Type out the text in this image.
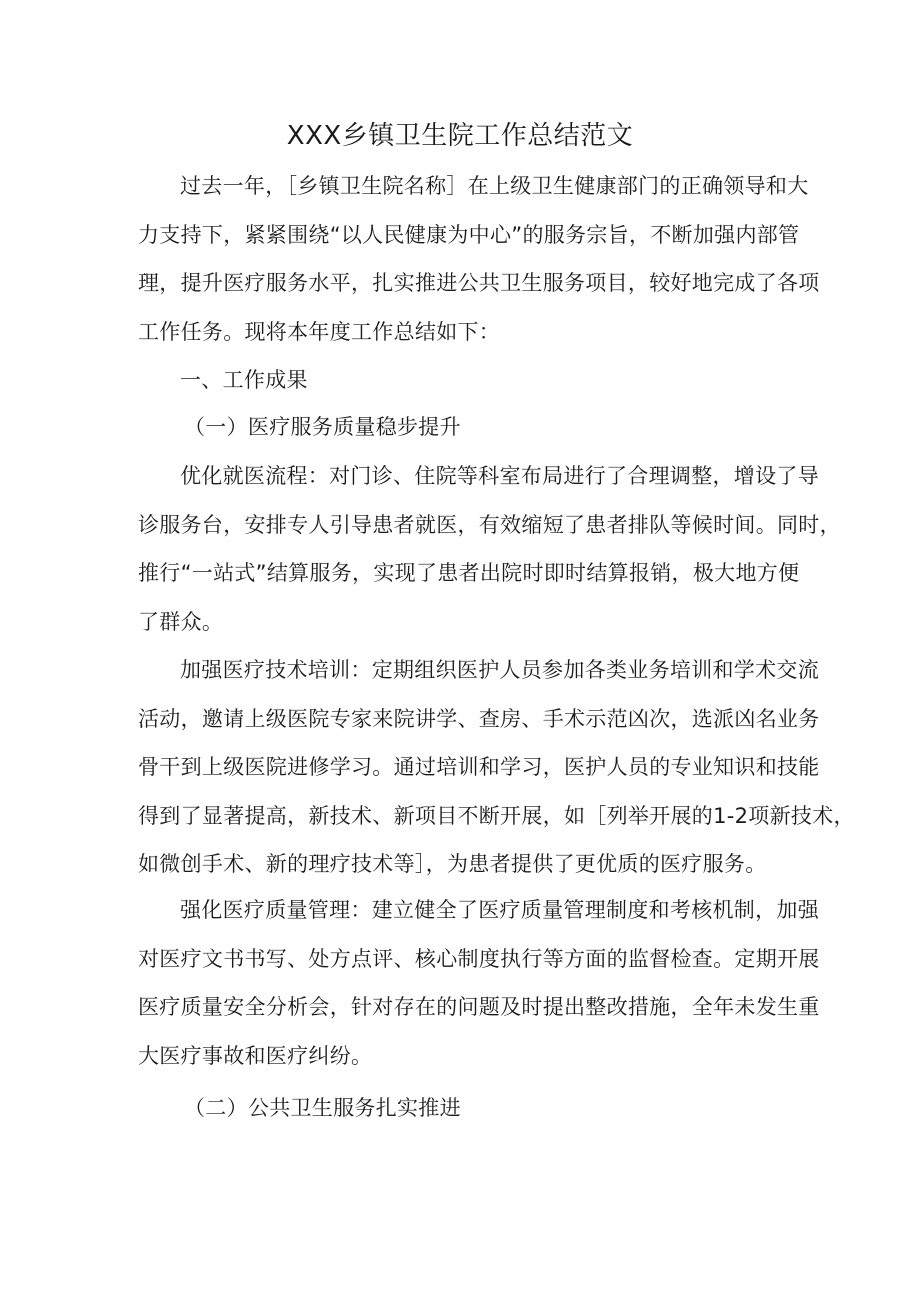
XXX乡镇卫生院工作总结范文
过去一年，［乡镇卫生院名称］在上级卫生健康部门的正确领导和大
力支持下，紧紧围绕“以人民健康为中心”的服务宗旨，不断加强内部管
理，提升医疗服务水平，扎实推进公共卫生服务项目，较好地完成了各项
工作任务。现将本年度工作总结如下：
一、工作成果
（一）医疗服务质量稳步提升
优化就医流程：对门诊、住院等科室布局进行了合理调整，增设了导
诊服务台，安排专人引导患者就医，有效缩短了患者排队等候时间。同时，
推行“一站式”结算服务，实现了患者出院时即时结算报销，极大地方便
了群众。
加强医疗技术培训：定期组织医护人员参加各类业务培训和学术交流
活动，邀请上级医院专家来院讲学、查房、手术示范凶次，选派凶名业务
骨干到上级医院进修学习。通过培训和学习，医护人员的专业知识和技能
得到了显著提高，新技术、新项目不断开展，如［列举开展的1-2项新技术，
如微创手术、新的理疗技术等］，为患者提供了更优质的医疗服务。
强化医疗质量管理：建立健全了医疗质量管理制度和考核机制，加强
对医疗文书书写、处方点评、核心制度执行等方面的监督检查。定期开展
医疗质量安全分析会，针对存在的问题及时提出整改措施，全年未发生重
大医疗事故和医疗纠纷。
（二）公共卫生服务扎实推进
